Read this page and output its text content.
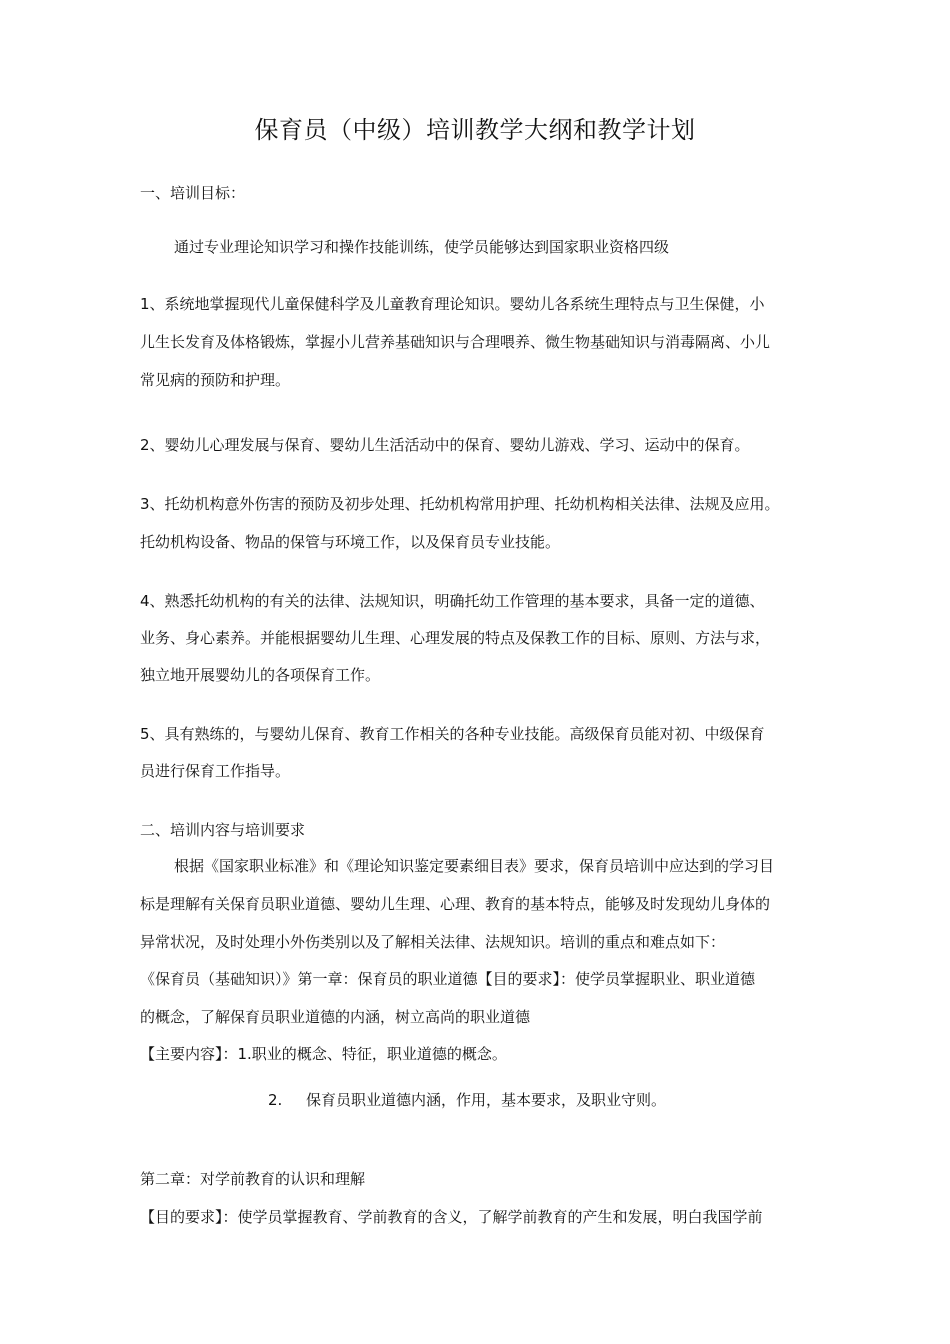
保育员（中级）培训教学大纲和教学计划
一、培训目标：
通过专业理论知识学习和操作技能训练，使学员能够达到国家职业资格四级
1、系统地掌握现代儿童保健科学及儿童教育理论知识。婴幼儿各系统生理特点与卫生保健，小
儿生长发育及体格锻炼，掌握小儿营养基础知识与合理喂养、微生物基础知识与消毒隔离、小儿
常见病的预防和护理。
2、婴幼儿心理发展与保育、婴幼儿生活活动中的保育、婴幼儿游戏、学习、运动中的保育。
3、托幼机构意外伤害的预防及初步处理、托幼机构常用护理、托幼机构相关法律、法规及应用。
托幼机构设备、物品的保管与环境工作，以及保育员专业技能。
4、熟悉托幼机构的有关的法律、法规知识，明确托幼工作管理的基本要求，具备一定的道德、
业务、身心素养。并能根据婴幼儿生理、心理发展的特点及保教工作的目标、原则、方法与求，
独立地开展婴幼儿的各项保育工作。
5、具有熟练的，与婴幼儿保育、教育工作相关的各种专业技能。高级保育员能对初、中级保育
员进行保育工作指导。
二、培训内容与培训要求
根据《国家职业标准》和《理论知识鉴定要素细目表》要求，保育员培训中应达到的学习目
标是理解有关保育员职业道德、婴幼儿生理、心理、教育的基本特点，能够及时发现幼儿身体的
异常状况，及时处理小外伤类别以及了解相关法律、法规知识。培训的重点和难点如下：
《保育员（基础知识）》第一章：保育员的职业道德【目的要求】：使学员掌握职业、职业道德
的概念，了解保育员职业道德的内涵，树立高尚的职业道德
【主要内容】：1.职业的概念、特征，职业道德的概念。
2. 保育员职业道德内涵，作用，基本要求，及职业守则。
第二章：对学前教育的认识和理解
【目的要求】：使学员掌握教育、学前教育的含义，了解学前教育的产生和发展，明白我国学前
